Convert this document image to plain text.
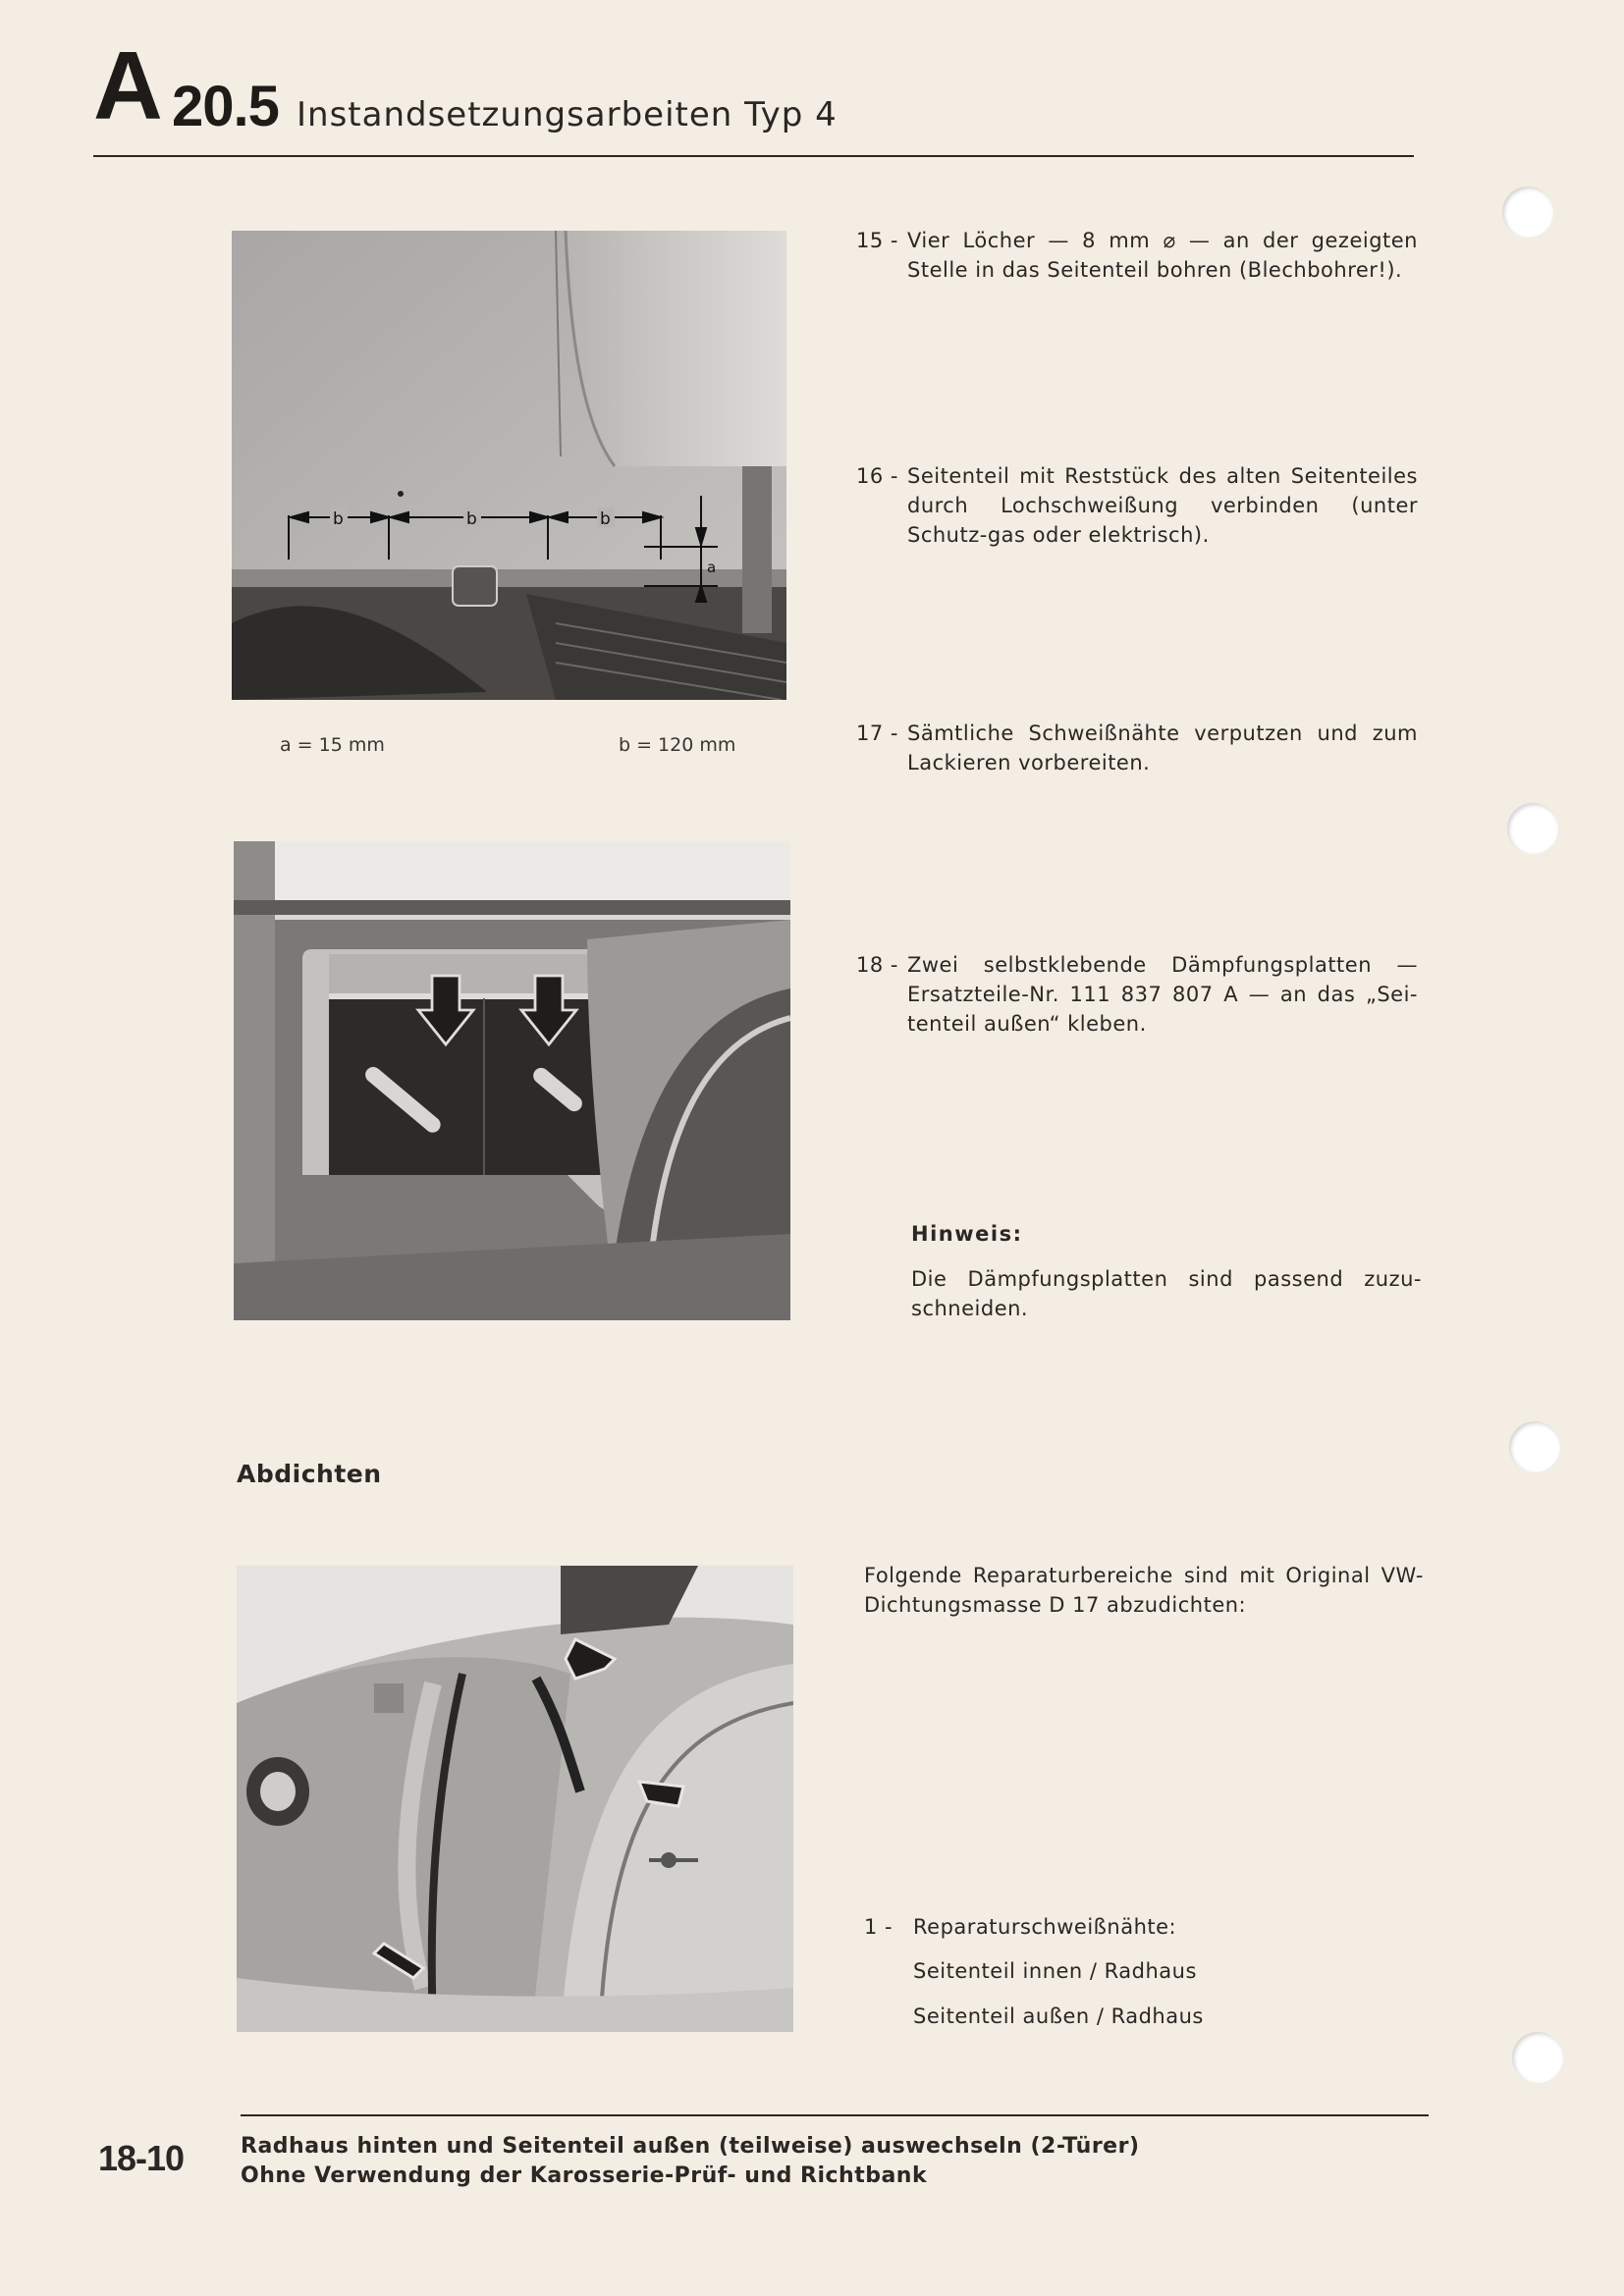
A 20.5 Instandsetzungsarbeiten Typ 4
b	b	b
a
a = 15 mm	b = 120 mm
15 - Vier Löcher — 8 mm ⌀ — an der gezeigten Stelle in das Seitenteil bohren (Blechbohrer!).
16 - Seitenteil mit Reststück des alten Seitenteiles durch Lochschweißung verbinden (unter Schutz-gas oder elektrisch).
17 - Sämtliche Schweißnähte verputzen und zum Lackieren vorbereiten.
18 - Zwei selbstklebende Dämpfungsplatten — Ersatzteile-Nr. 111 837 807 A — an das „Sei-tenteil außen“ kleben.
Hinweis:
Die Dämpfungsplatten sind passend zuzu-schneiden.
Abdichten
Folgende Reparaturbereiche sind mit Original VW-Dichtungsmasse D 17 abzudichten:
1 - Reparaturschweißnähte:
Seitenteil innen / Radhaus
Seitenteil außen / Radhaus
18-10	Radhaus hinten und Seitenteil außen (teilweise) auswechseln (2-Türer)
Ohne Verwendung der Karosserie-Prüf- und Richtbank
